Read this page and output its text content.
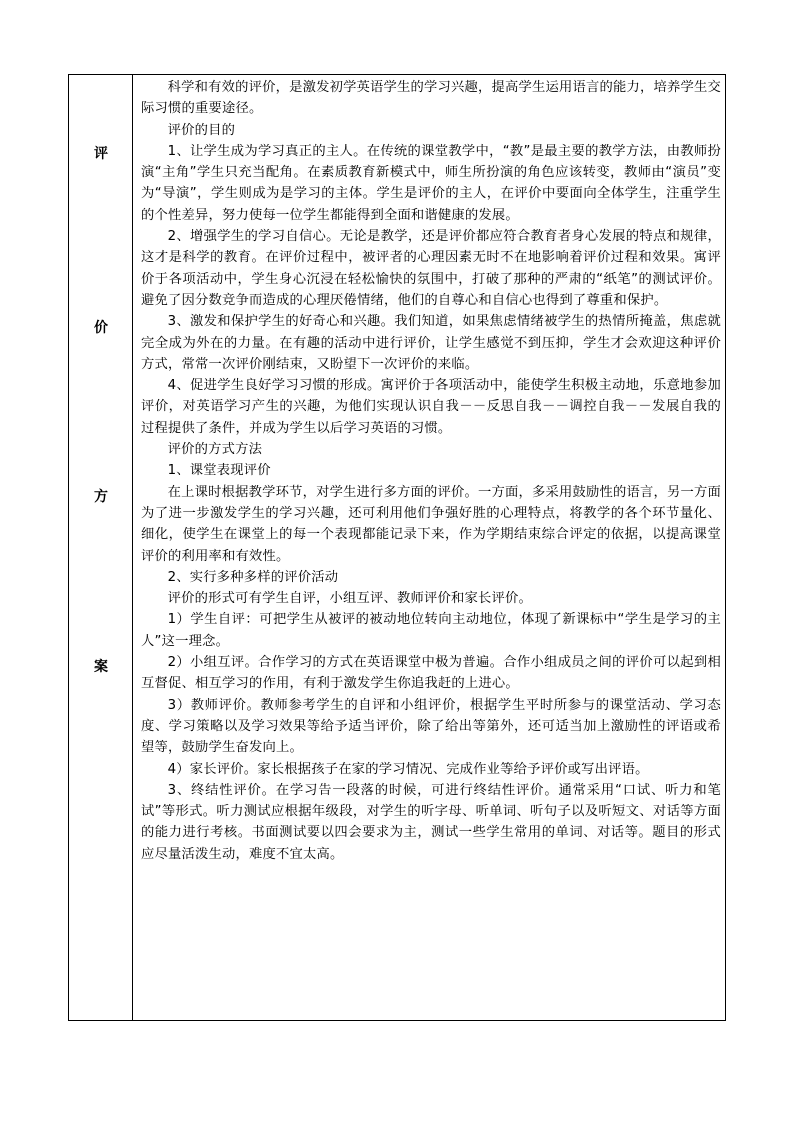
评
价
方
案

科学和有效的评价，是激发初学英语学生的学习兴趣，提高学生运用语言的能力，培养学生交际习惯的重要途径。

评价的目的

1、让学生成为学习真正的主人。在传统的课堂教学中，“教”是最主要的教学方法，由教师扮演“主角”学生只充当配角。在素质教育新模式中，师生所扮演的角色应该转变，教师由“演员”变为“导演”，学生则成为是学习的主体。学生是评价的主人，在评价中要面向全体学生，注重学生的个性差异，努力使每一位学生都能得到全面和谐健康的发展。

2、增强学生的学习自信心。无论是教学，还是评价都应符合教育者身心发展的特点和规律，这才是科学的教育。在评价过程中，被评者的心理因素无时不在地影响着评价过程和效果。寓评价于各项活动中，学生身心沉浸在轻松愉快的氛围中，打破了那种的严肃的“纸笔”的测试评价。避免了因分数竞争而造成的心理厌倦情绪，他们的自尊心和自信心也得到了尊重和保护。

3、激发和保护学生的好奇心和兴趣。我们知道，如果焦虑情绪被学生的热情所掩盖，焦虑就完全成为外在的力量。在有趣的活动中进行评价，让学生感觉不到压抑，学生才会欢迎这种评价方式，常常一次评价刚结束，又盼望下一次评价的来临。

4、促进学生良好学习习惯的形成。寓评价于各项活动中，能使学生积极主动地，乐意地参加评价，对英语学习产生的兴趣，为他们实现认识自我－－反思自我－－调控自我－－发展自我的过程提供了条件，并成为学生以后学习英语的习惯。

评价的方式方法

1、课堂表现评价

在上课时根据教学环节，对学生进行多方面的评价。一方面，多采用鼓励性的语言，另一方面为了进一步激发学生的学习兴趣，还可利用他们争强好胜的心理特点，将教学的各个环节量化、细化，使学生在课堂上的每一个表现都能记录下来，作为学期结束综合评定的依据，以提高课堂评价的利用率和有效性。

2、实行多种多样的评价活动

评价的形式可有学生自评，小组互评、教师评价和家长评价。

1）学生自评：可把学生从被评的被动地位转向主动地位，体现了新课标中“学生是学习的主人”这一理念。

2）小组互评。合作学习的方式在英语课堂中极为普遍。合作小组成员之间的评价可以起到相互督促、相互学习的作用，有利于激发学生你追我赶的上进心。

3）教师评价。教师参考学生的自评和小组评价，根据学生平时所参与的课堂活动、学习态度、学习策略以及学习效果等给予适当评价，除了给出等第外，还可适当加上激励性的评语或希望等，鼓励学生奋发向上。

4）家长评价。家长根据孩子在家的学习情况、完成作业等给予评价或写出评语。

3、终结性评价。在学习告一段落的时候，可进行终结性评价。通常采用“口试、听力和笔试”等形式。听力测试应根据年级段，对学生的听字母、听单词、听句子以及听短文、对话等方面的能力进行考核。书面测试要以四会要求为主，测试一些学生常用的单词、对话等。题目的形式应尽量活泼生动，难度不宜太高。
